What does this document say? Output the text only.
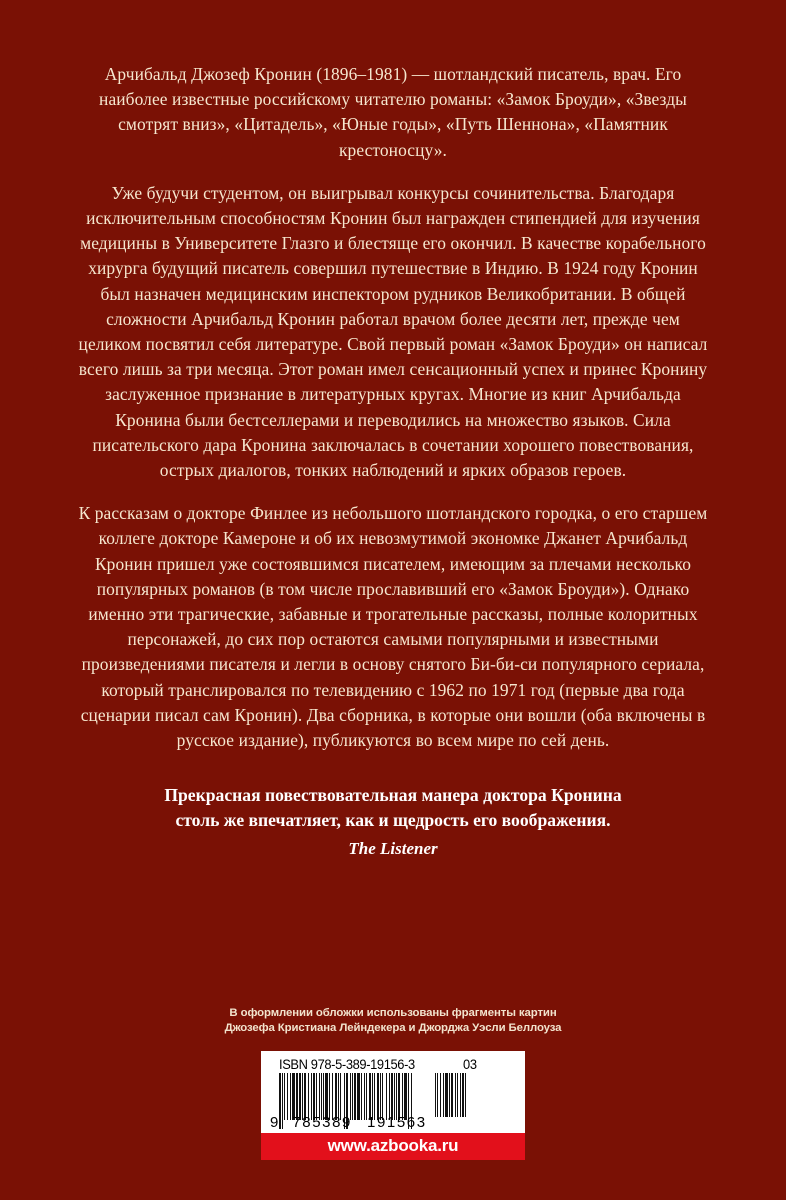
Арчибальд Джозеф Кронин (1896–1981) — шотландский писатель, врач. Его наиболее известные российскому читателю романы: «Замок Броуди», «Звезды смотрят вниз», «Цитадель», «Юные годы», «Путь Шеннона», «Памятник крестоносцу».

Уже будучи студентом, он выигрывал конкурсы сочинительства. Благодаря исключительным способностям Кронин был награжден стипендией для изучения медицины в Университете Глазго и блестяще его окончил. В качестве корабельного хирурга будущий писатель совершил путешествие в Индию. В 1924 году Кронин был назначен медицинским инспектором рудников Великобритании. В общей сложности Арчибальд Кронин работал врачом более десяти лет, прежде чем целиком посвятил себя литературе. Свой первый роман «Замок Броуди» он написал всего лишь за три месяца. Этот роман имел сенсационный успех и принес Кронину заслуженное признание в литературных кругах. Многие из книг Арчибальда Кронина были бестселлерами и переводились на множество языков. Сила писательского дара Кронина заключалась в сочетании хорошего повествования, острых диалогов, тонких наблюдений и ярких образов героев.

К рассказам о докторе Финлее из небольшого шотландского городка, о его старшем коллеге докторе Камероне и об их невозмутимой экономке Джанет Арчибальд Кронин пришел уже состоявшимся писателем, имеющим за плечами несколько популярных романов (в том числе прославивший его «Замок Броуди»). Однако именно эти трагические, забавные и трогательные рассказы, полные колоритных персонажей, до сих пор остаются самыми популярными и известными произведениями писателя и легли в основу снятого Би-би-си популярного сериала, который транслировался по телевидению с 1962 по 1971 год (первые два года сценарии писал сам Кронин). Два сборника, в которые они вошли (оба включены в русское издание), публикуются во всем мире по сей день.

Прекрасная повествовательная манера доктора Кронина

столь же впечатляет, как и щедрость его воображения.

The Listener

В оформлении обложки использованы фрагменты картин
Джозефа Кристиана Лейндекера и Джорджа Уэсли Беллоуза
ISBN 978-5-389-19156-3	03
9 785389 191563
www.azbooka.ru
